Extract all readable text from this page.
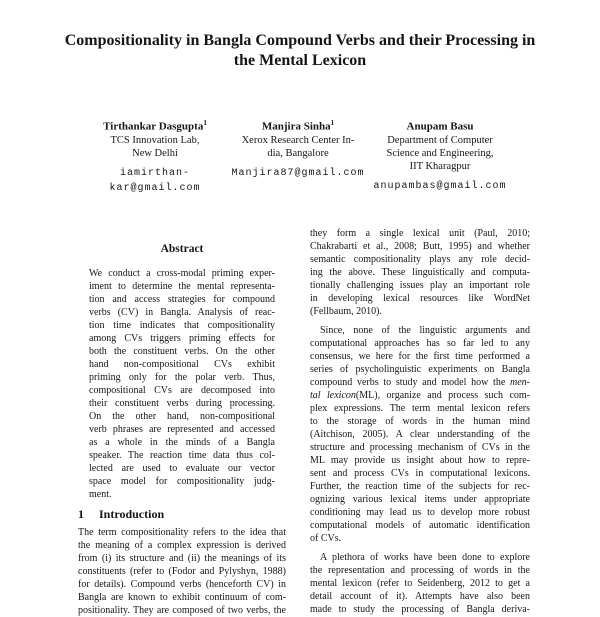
Compositionality in Bangla Compound Verbs and their Processing in
the Mental Lexicon
Tirthankar Dasgupta$^1$
TCS Innovation Lab,
New Delhi
iamirthan-
kar@gmail.com
Manjira Sinha$^1$
Xerox Research Center In-
dia, Bangalore
Manjira87@gmail.com
Anupam Basu
Department of Computer
Science and Engineering,
IIT Kharagpur
anupambas@gmail.com
Abstract
We conduct a cross-modal priming exper-
iment to determine the mental representa-
tion and access strategies for compound
verbs (CV) in Bangla. Analysis of reac-
tion time indicates that compositionality
among CVs triggers priming effects for
both the constituent verbs. On the other
hand non-compositional CVs exhibit
priming only for the polar verb. Thus,
compositional CVs are decomposed into
their constituent verbs during processing.
On the other hand, non-compositional
verb phrases are represented and accessed
as a whole in the minds of a Bangla
speaker. The reaction time data thus col-
lected are used to evaluate our vector
space model for compositionality judg-
ment.
1 Introduction
The term compositionality refers to the idea that
the meaning of a complex expression is derived
from (i) its structure and (ii) the meanings of its
constituents (refer to (Fodor and Pylyshyn, 1988)
for details). Compound verbs (henceforth CV) in
Bangla are known to exhibit continuum of com-
positionality. They are composed of two verbs, the
they form a single lexical unit (Paul, 2010;
Chakrabarti et al., 2008; Butt, 1995) and whether
semantic compositionality plays any role decid-
ing the above. These linguistically and computa-
tionally challenging issues play an important role
in developing lexical resources like WordNet
(Fellbaum, 2010).
Since, none of the linguistic arguments and
computational approaches has so far led to any
consensus, we here for the first time performed a
series of psycholinguistic experiments on Bangla
compound verbs to study and model how the men-
tal lexicon(ML), organize and process such com-
plex expressions. The term mental lexicon refers
to the storage of words in the human mind
(Aitchison, 2005). A clear understanding of the
structure and processing mechanism of CVs in the
ML may provide us insight about how to repre-
sent and process CVs in computational lexicons.
Further, the reaction time of the subjects for rec-
ognizing various lexical items under appropriate
conditioning may lead us to develop more robust
computational models of automatic identification
of CVs.
A plethora of works have been done to explore
the representation and processing of words in the
mental lexicon (refer to Seidenberg, 2012 to get a
detail account of it). Attempts have also been
made to study the processing of Bangla deriva-
